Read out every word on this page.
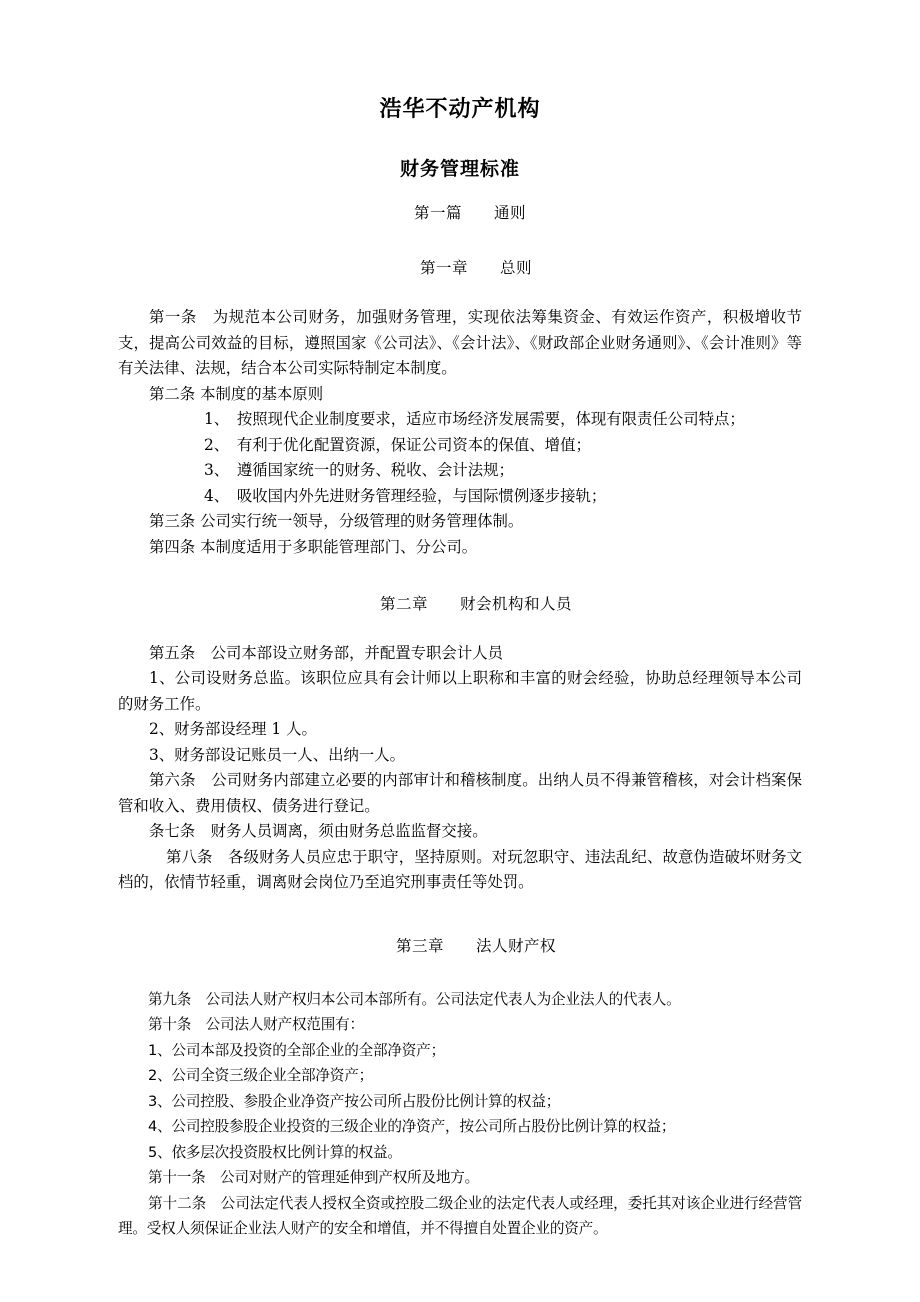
浩华不动产机构
财务管理标准
第一篇　　通则
第一章　　总则

第一条　为规范本公司财务，加强财务管理，实现依法筹集资金、有效运作资产，积极增收节支，提高公司效益的目标，遵照国家《公司法》、《会计法》、《财政部企业财务通则》、《会计准则》等有关法律、法规，结合本公司实际特制定本制度。

第二条 本制度的基本原则

1、　按照现代企业制度要求，适应市场经济发展需要，体现有限责任公司特点；

2、　有利于优化配置资源，保证公司资本的保值、增值；

3、　遵循国家统一的财务、税收、会计法规；

4、　吸收国内外先进财务管理经验，与国际惯例逐步接轨；

第三条 公司实行统一领导，分级管理的财务管理体制。

第四条 本制度适用于多职能管理部门、分公司。

第二章　　财会机构和人员

第五条　公司本部设立财务部，并配置专职会计人员

1、公司设财务总监。该职位应具有会计师以上职称和丰富的财会经验，协助总经理领导本公司的财务工作。

2、财务部设经理 1 人。

3、财务部设记账员一人、出纳一人。

第六条　公司财务内部建立必要的内部审计和稽核制度。出纳人员不得兼管稽核，对会计档案保管和收入、费用债权、债务进行登记。

条七条　财务人员调离，须由财务总监监督交接。

第八条　各级财务人员应忠于职守，坚持原则。对玩忽职守、违法乱纪、故意伪造破坏财务文档的，依情节轻重，调离财会岗位乃至追究刑事责任等处罚。

第三章　　法人财产权

第九条　公司法人财产权归本公司本部所有。公司法定代表人为企业法人的代表人。

第十条　公司法人财产权范围有：

1、公司本部及投资的全部企业的全部净资产；

2、公司全资三级企业全部净资产；

3、公司控股、参股企业净资产按公司所占股份比例计算的权益；

4、公司控股参股企业投资的三级企业的净资产，按公司所占股份比例计算的权益；

5、依多层次投资股权比例计算的权益。

第十一条　公司对财产的管理延伸到产权所及地方。

第十二条　公司法定代表人授权全资或控股二级企业的法定代表人或经理，委托其对该企业进行经营管理。受权人须保证企业法人财产的安全和增值，并不得擅自处置企业的资产。
